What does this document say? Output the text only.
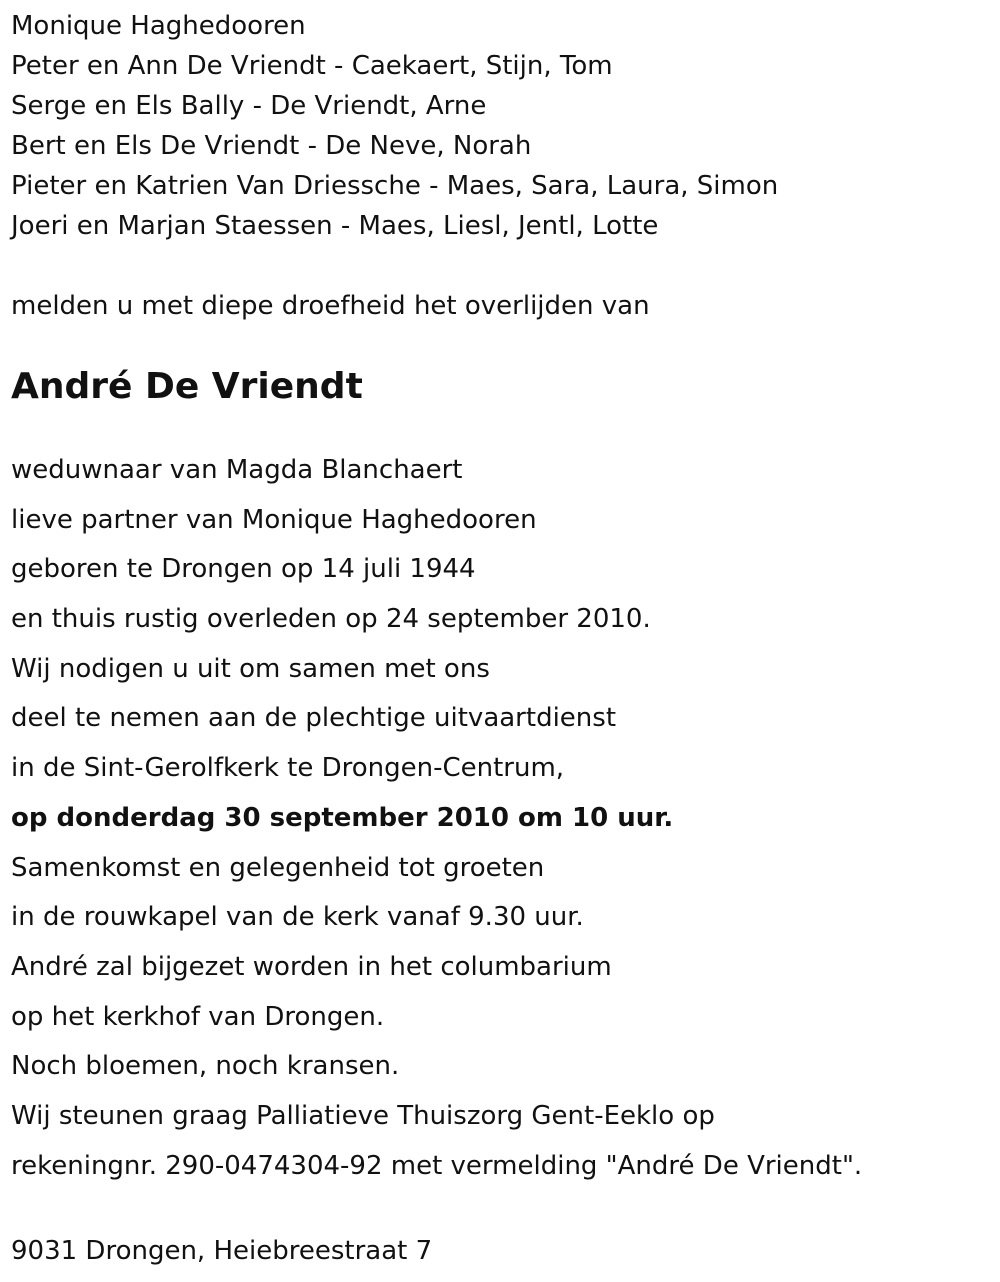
Monique Haghedooren
Peter en Ann De Vriendt - Caekaert, Stijn, Tom
Serge en Els Bally - De Vriendt, Arne
Bert en Els De Vriendt - De Neve, Norah
Pieter en Katrien Van Driessche - Maes, Sara, Laura, Simon
Joeri en Marjan Staessen - Maes, Liesl, Jentl, Lotte
melden u met diepe droefheid het overlijden van
André De Vriendt
weduwnaar van Magda Blanchaert
lieve partner van Monique Haghedooren
geboren te Drongen op 14 juli 1944
en thuis rustig overleden op 24 september 2010.
Wij nodigen u uit om samen met ons
deel te nemen aan de plechtige uitvaartdienst
in de Sint-Gerolfkerk te Drongen-Centrum,
op donderdag 30 september 2010 om 10 uur.
Samenkomst en gelegenheid tot groeten
in de rouwkapel van de kerk vanaf 9.30 uur.
André zal bijgezet worden in het columbarium
op het kerkhof van Drongen.
Noch bloemen, noch kransen.
Wij steunen graag Palliatieve Thuiszorg Gent-Eeklo op
rekeningnr. 290-0474304-92 met vermelding "André De Vriendt".
9031 Drongen, Heiebreestraat 7
